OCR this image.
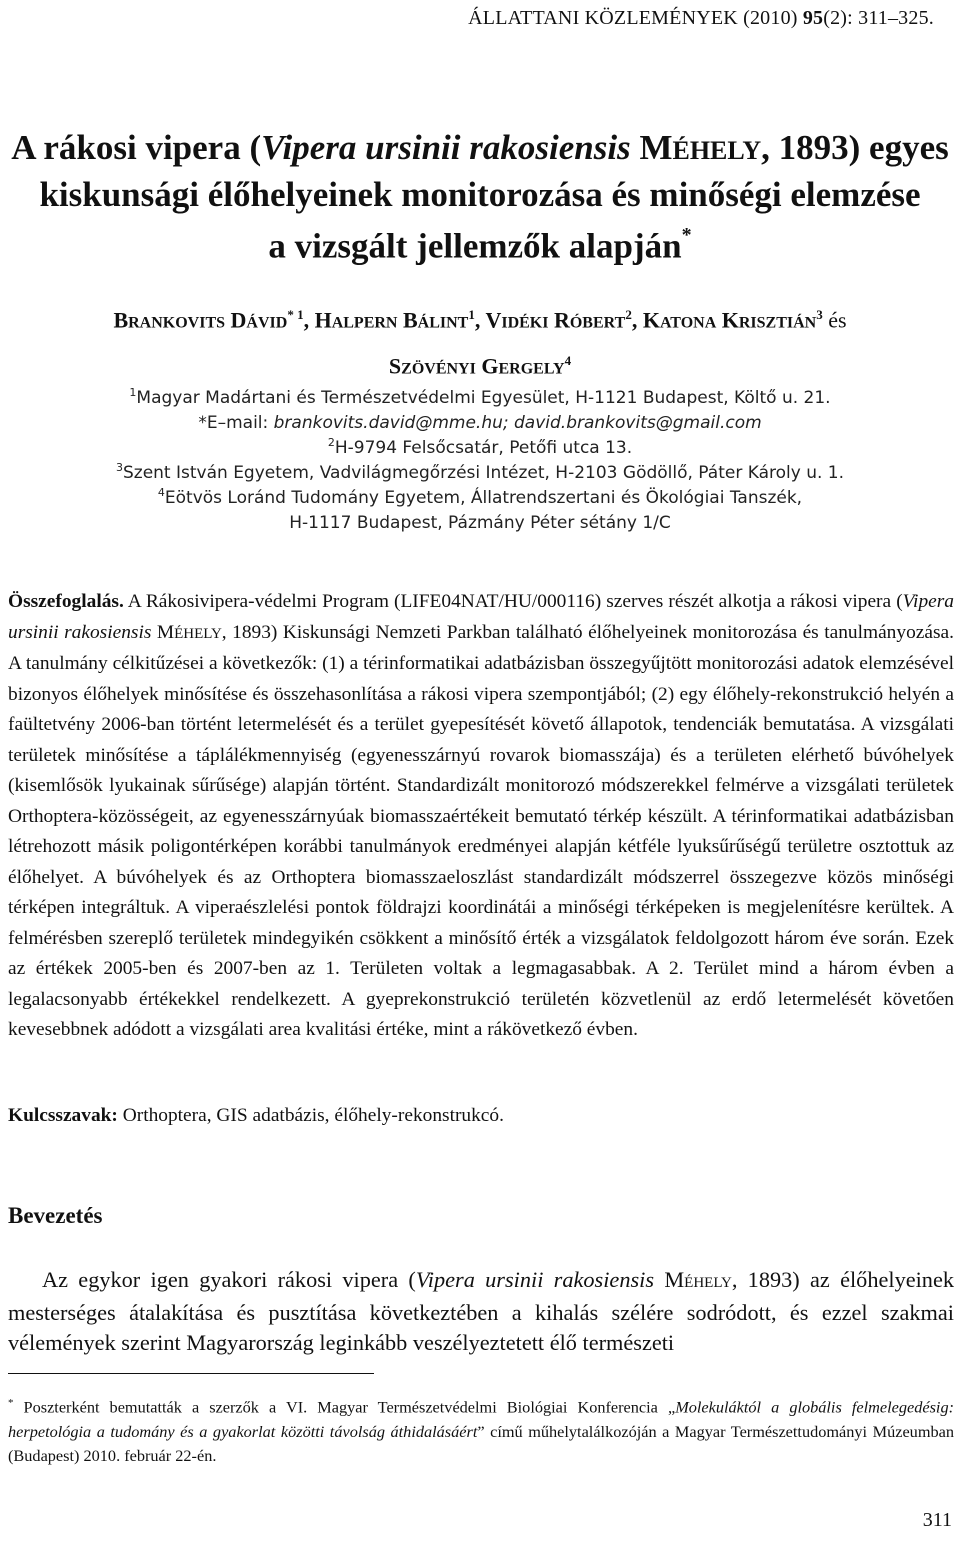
ÁLLATTANI KÖZLEMÉNYEK (2010) 95(2): 311–325.
A rákosi vipera (Vipera ursinii rakosiensis MÉHELY, 1893) egyes
kiskunsági élőhelyeinek monitorozása és minőségi elemzése
a vizsgált jellemzők alapján*
BRANKOVITS DÁVID$^{* 1}$, HALPERN BÁLINT$^1$, VIDÉKI RÓBERT$^2$, KATONA KRISZTIÁN$^3$ és
SZÖVÉNYI GERGELY$^4$
$^1$Magyar Madártani és Természetvédelmi Egyesület, H-1121 Budapest, Költő u. 21.
*E–mail: brankovits.david@mme.hu; david.brankovits@gmail.com
$^2$H-9794 Felsőcsatár, Petőfi utca 13.
$^3$Szent István Egyetem, Vadvilágmegőrzési Intézet, H-2103 Gödöllő, Páter Károly u. 1.
$^4$Eötvös Loránd Tudomány Egyetem, Állatrendszertani és Ökológiai Tanszék,
H-1117 Budapest, Pázmány Péter sétány 1/C
Összefoglalás. A Rákosivipera-védelmi Program (LIFE04NAT/HU/000116) szerves részét alkotja a rákosi vipera (Vipera ursinii rakosiensis MÉHELY, 1893) Kiskunsági Nemzeti Parkban található élőhelyeinek monitorozása és tanulmányozása. A tanulmány célkitűzései a következők: (1) a térinformatikai adatbázisban összegyűjtött monitorozási adatok elemzésével bizonyos élőhelyek minősítése és összehasonlítása a rákosi vipera szempontjából; (2) egy élőhely-rekonstrukció helyén a faültetvény 2006-ban történt letermelését és a terület gyepesítését követő állapotok, tendenciák bemutatása. A vizsgálati területek minősítése a táplálékmennyiség (egyenesszárnyú rovarok biomasszája) és a területen elérhető búvóhelyek (kisemlősök lyukainak sűrűsége) alapján történt. Standardizált monitorozó módszerekkel felmérve a vizsgálati területek Orthoptera-közösségeit, az egyenesszárnyúak biomasszaértékeit bemutató térkép készült. A térinformatikai adatbázisban létrehozott másik poligontérképen korábbi tanulmányok eredményei alapján kétféle lyuksűrűségű területre osztottuk az élőhelyet. A búvóhelyek és az Orthoptera biomasszaeloszlást standardizált módszerrel összegezve közös minőségi térképen integráltuk. A viperaészlelési pontok földrajzi koordinátái a minőségi térképeken is megjelenítésre kerültek. A felmérésben szereplő területek mindegyikén csökkent a minősítő érték a vizsgálatok feldolgozott három éve során. Ezek az értékek 2005-ben és 2007-ben az 1. Területen voltak a legmagasabbak. A 2. Terület mind a három évben a legalacsonyabb értékekkel rendelkezett. A gyeprekonstrukció területén közvetlenül az erdő letermelését követően kevesebbnek adódott a vizsgálati area kvalitási értéke, mint a rákövetkező évben.
Kulcsszavak: Orthoptera, GIS adatbázis, élőhely-rekonstrukcó.
Bevezetés
Az egykor igen gyakori rákosi vipera (Vipera ursinii rakosiensis MÉHELY, 1893) az élőhelyeinek mesterséges átalakítása és pusztítása következtében a kihalás szélére sodródott, és ezzel szakmai vélemények szerint Magyarország leginkább veszélyeztetett élő természeti
* Poszterként bemutatták a szerzők a VI. Magyar Természetvédelmi Biológiai Konferencia „Molekuláktól a globális felmelegedésig: herpetológia a tudomány és a gyakorlat közötti távolság áthidalásáért” című műhelytalálkozóján a Magyar Természettudományi Múzeumban (Budapest) 2010. február 22-én.
311
